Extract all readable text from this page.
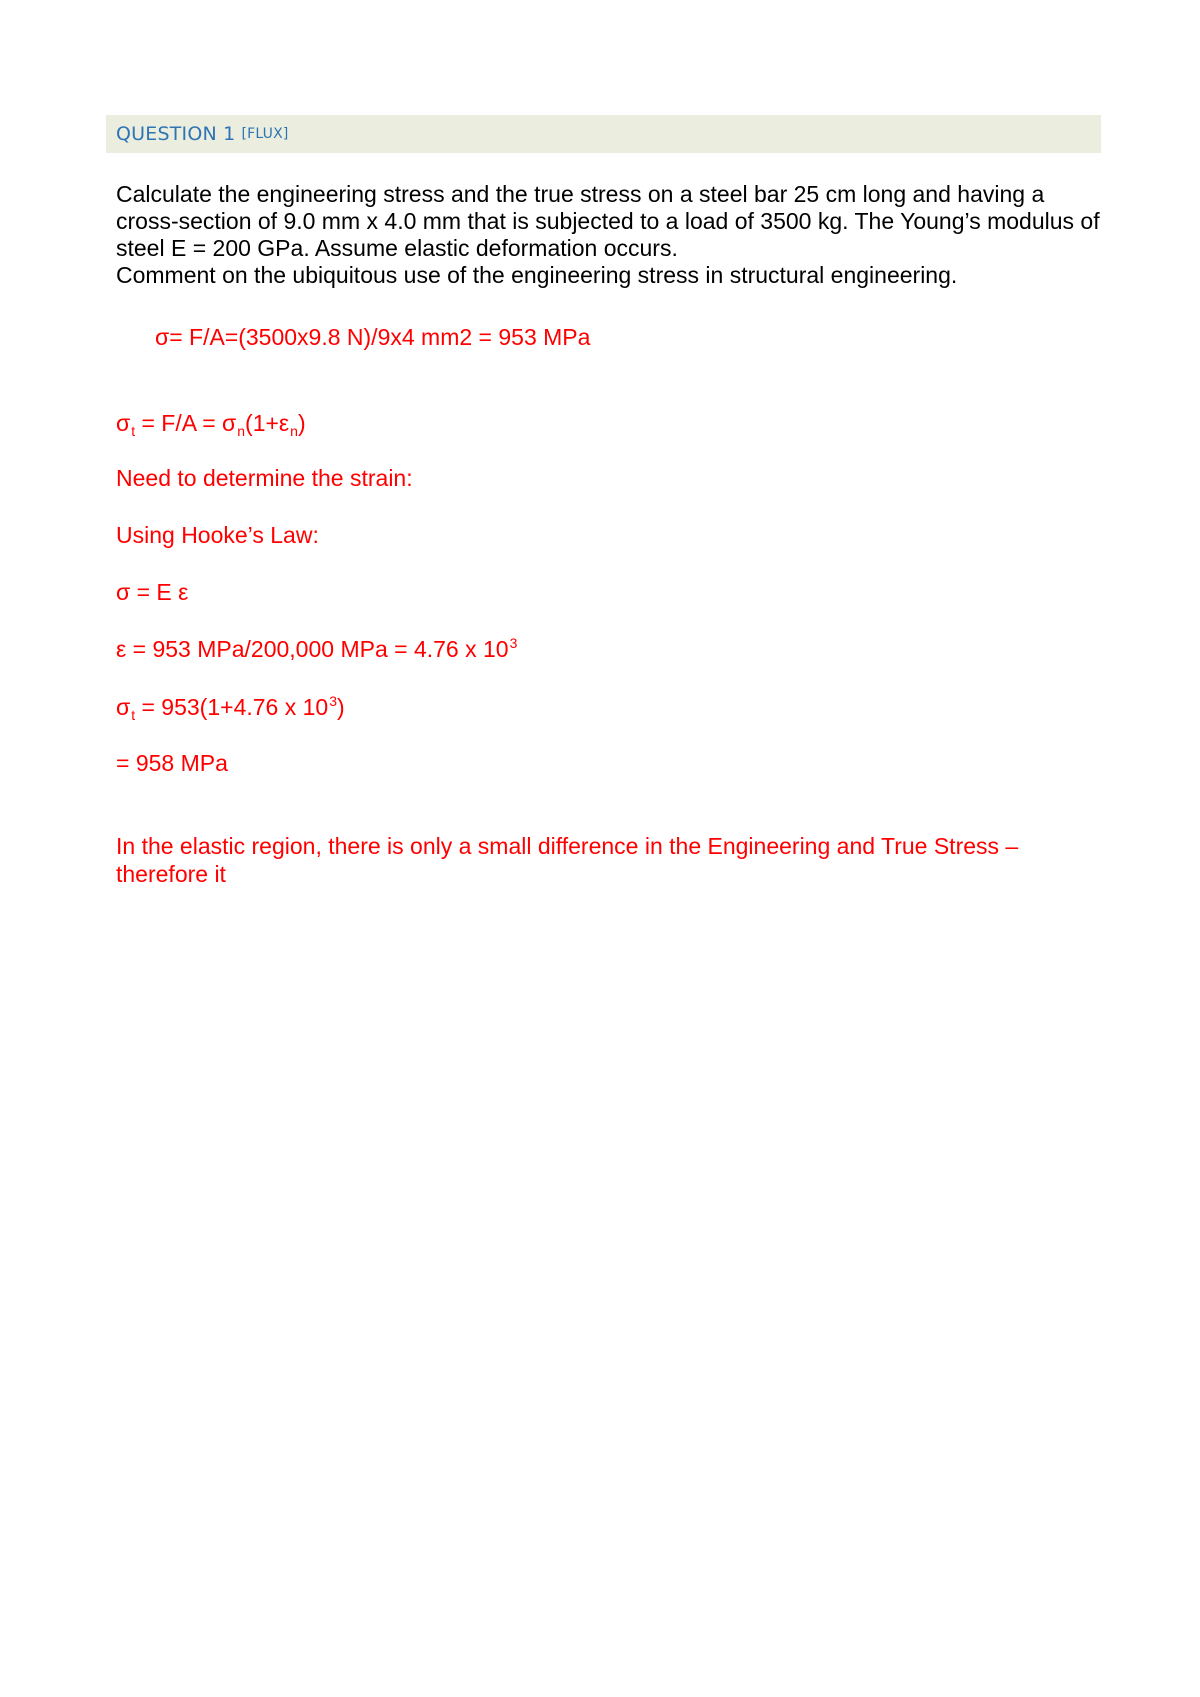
QUESTION 1 [FLUX]

Calculate the engineering stress and the true stress on a steel bar 25 cm long and having a cross-section of 9.0 mm x 4.0 mm that is subjected to a load of 3500 kg. The Young’s modulus of steel E = 200 GPa. Assume elastic deformation occurs.

Comment on the ubiquitous use of the engineering stress in structural engineering.

σ= F/A=(3500x9.8 N)/9x4 mm2 = 953 MPa
$\sigma_t = F/A = \sigma_n(1+\varepsilon_n)$
Need to determine the strain:
Using Hooke’s Law:
σ = E ε
ε = 953 MPa/200,000 MPa = 4.76 x $10^3$
$\sigma_t = 953(1+4.76$ x $10^3$)
= 958 MPa
In the elastic region, there is only a small difference in the Engineering and True Stress – therefore it
